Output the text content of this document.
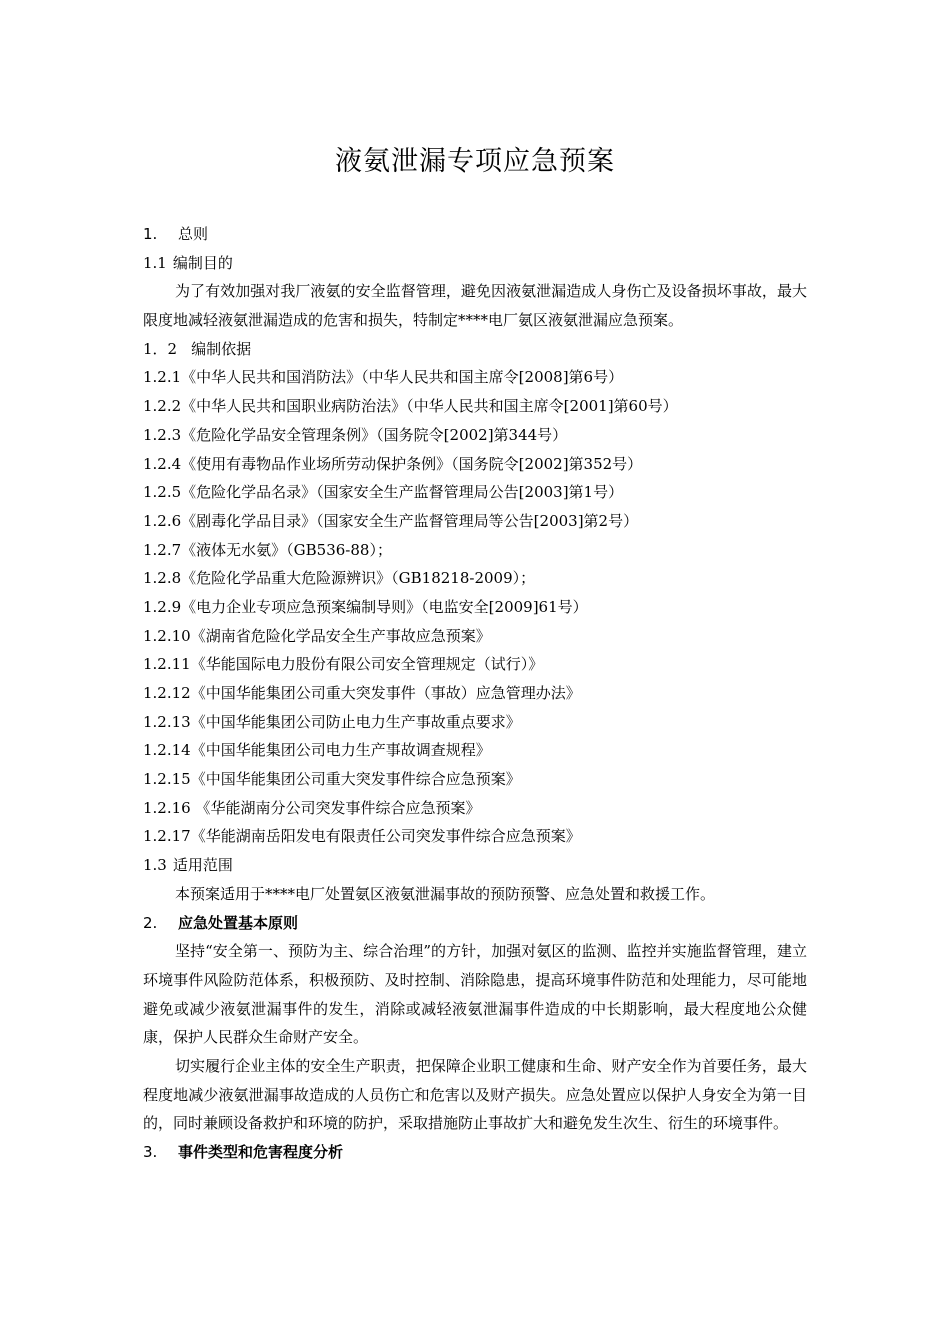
液氨泄漏专项应急预案
1. 总则
1.1 编制目的
为了有效加强对我厂液氨的安全监督管理，避免因液氨泄漏造成人身伤亡及设备损坏事故，最大限度地减轻液氨泄漏造成的危害和损失，特制定****电厂氨区液氨泄漏应急预案。
1．2 编制依据
1.2.1《中华人民共和国消防法》（中华人民共和国主席令[2008]第6号）
1.2.2《中华人民共和国职业病防治法》（中华人民共和国主席令[2001]第60号）
1.2.3《危险化学品安全管理条例》（国务院令[2002]第344号）
1.2.4《使用有毒物品作业场所劳动保护条例》（国务院令[2002]第352号）
1.2.5《危险化学品名录》（国家安全生产监督管理局公告[2003]第1号）
1.2.6《剧毒化学品目录》（国家安全生产监督管理局等公告[2003]第2号）
1.2.7《液体无水氨》（GB536-88）；
1.2.8《危险化学品重大危险源辨识》（GB18218-2009）；
1.2.9《电力企业专项应急预案编制导则》（电监安全[2009]61号）
1.2.10《湖南省危险化学品安全生产事故应急预案》
1.2.11《华能国际电力股份有限公司安全管理规定（试行）》
1.2.12《中国华能集团公司重大突发事件（事故）应急管理办法》
1.2.13《中国华能集团公司防止电力生产事故重点要求》
1.2.14《中国华能集团公司电力生产事故调查规程》
1.2.15《中国华能集团公司重大突发事件综合应急预案》
1.2.16 《华能湖南分公司突发事件综合应急预案》
1.2.17《华能湖南岳阳发电有限责任公司突发事件综合应急预案》
1.3 适用范围
本预案适用于****电厂处置氨区液氨泄漏事故的预防预警、应急处置和救援工作。
2. 应急处置基本原则
坚持“安全第一、预防为主、综合治理”的方针，加强对氨区的监测、监控并实施监督管理，建立环境事件风险防范体系，积极预防、及时控制、消除隐患，提高环境事件防范和处理能力，尽可能地避免或减少液氨泄漏事件的发生，消除或减轻液氨泄漏事件造成的中长期影响，最大程度地公众健康，保护人民群众生命财产安全。
切实履行企业主体的安全生产职责，把保障企业职工健康和生命、财产安全作为首要任务，最大程度地减少液氨泄漏事故造成的人员伤亡和危害以及财产损失。应急处置应以保护人身安全为第一目的，同时兼顾设备救护和环境的防护，采取措施防止事故扩大和避免发生次生、衍生的环境事件。
3. 事件类型和危害程度分析
